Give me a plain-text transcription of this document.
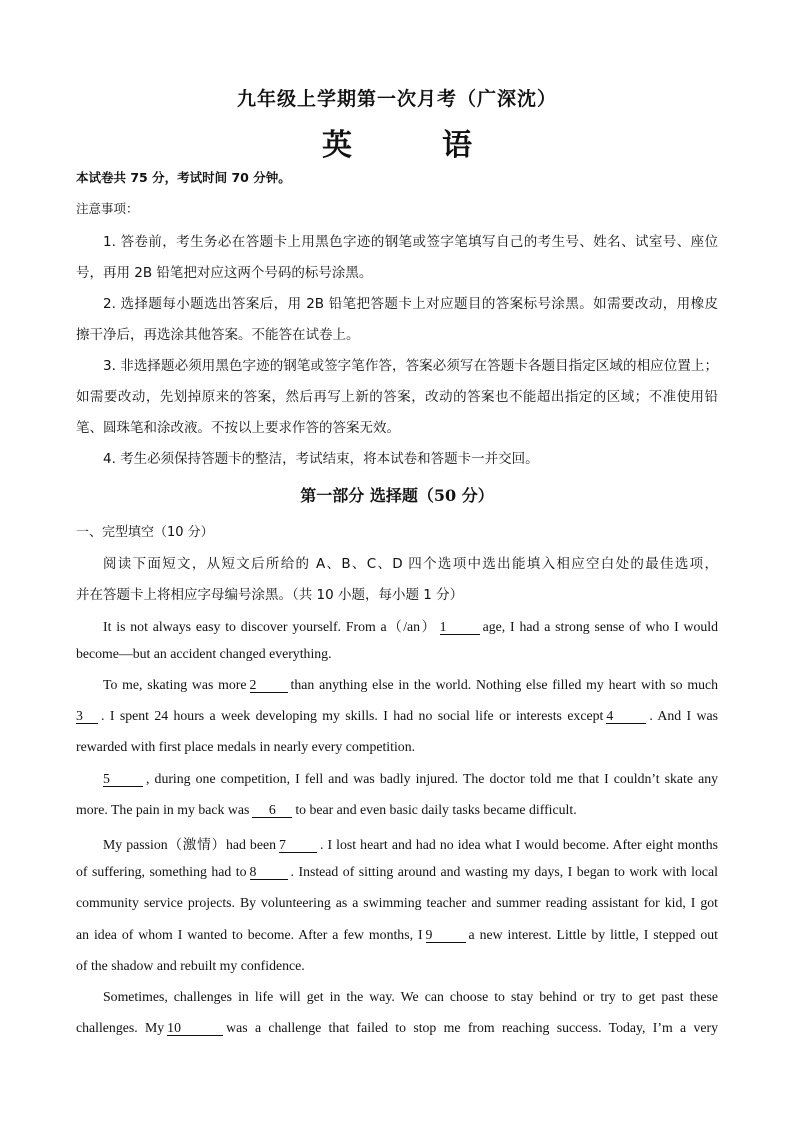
九年级上学期第一次月考（广深沈）
英　语
本试卷共 75 分，考试时间 70 分钟。
注意事项：
1. 答卷前，考生务必在答题卡上用黑色字迹的钢笔或签字笔填写自己的考生号、姓名、试室号、座位
号，再用 2B 铅笔把对应这两个号码的标号涂黑。
2. 选择题每小题选出答案后，用 2B 铅笔把答题卡上对应题目的答案标号涂黑。如需要改动，用橡皮
擦干净后，再选涂其他答案。不能答在试卷上。
3. 非选择题必须用黑色字迹的钢笔或签字笔作答，答案必须写在答题卡各题目指定区域的相应位置上；
如需要改动，先划掉原来的答案，然后再写上新的答案，改动的答案也不能超出指定的区域；不准使用铅
笔、圆珠笔和涂改液。不按以上要求作答的答案无效。
4. 考生必须保持答题卡的整洁，考试结束，将本试卷和答题卡一并交回。
第一部分 选择题（50 分）
一、完型填空（10 分）
阅读下面短文，从短文后所给的 A、B、C、D 四个选项中选出能填入相应空白处的最佳选项，
并在答题卡上将相应字母编号涂黑。（共 10 小题，每小题 1 分）
It is not always easy to discover yourself. From a（/an） 1	age, I had a strong sense of who I would
become—but an accident changed everything.
To me, skating was more 2 than anything else in the world. Nothing else filled my heart with so much
3 . I spent 24 hours a week developing my skills. I had no social life or interests except 4	. And I was
rewarded with first place medals in nearly every competition.
5	, during one competition, I fell and was badly injured. The doctor told me that I couldn’t skate any
more. The pain in my back was 6 to bear and even basic daily tasks became difficult.
My passion（激情）had been 7 . I lost heart and had no idea what I would become. After eight months
of suffering, something had to 8 . Instead of sitting around and wasting my days, I began to work with local
community service projects. By volunteering as a swimming teacher and summer reading assistant for kid, I got
an idea of whom I wanted to become. After a few months, I 9	a new interest. Little by little, I stepped out
of the shadow and rebuilt my confidence.
Sometimes, challenges in life will get in the way. We can choose to stay behind or try to get past these
challenges. My 10	was a challenge that failed to stop me from reaching success. Today, I’m a very
